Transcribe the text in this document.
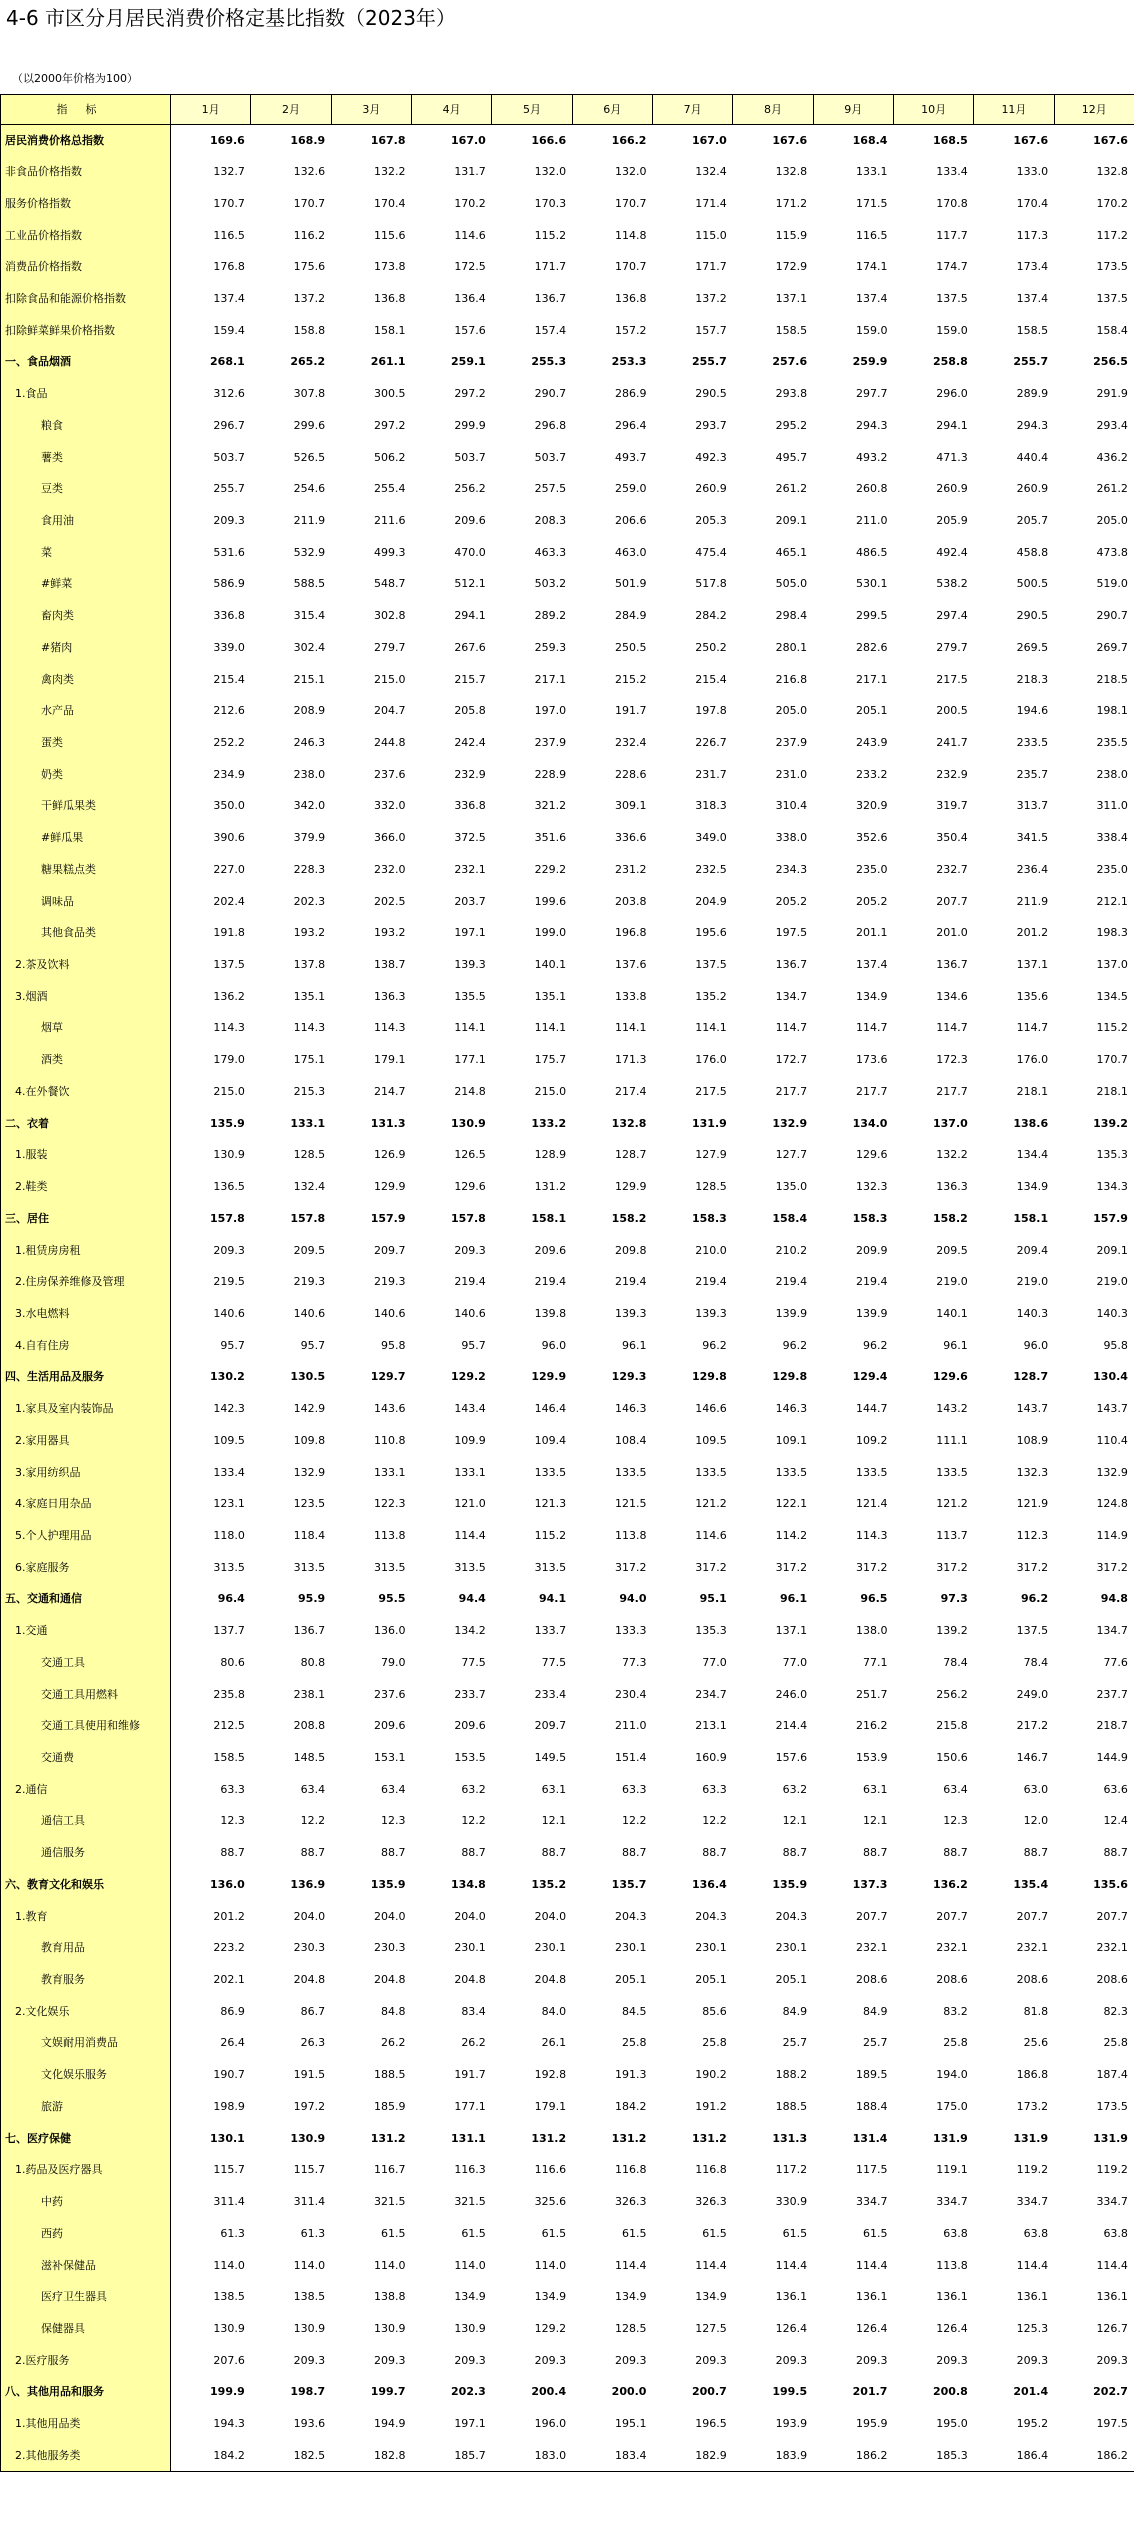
4-6 市区分月居民消费价格定基比指数（2023年）
（以2000年价格为100）
指标	1月	2月	3月	4月	5月	6月	7月	8月	9月	10月	11月	12月
居民消费价格总指数	169.6	168.9	167.8	167.0	166.6	166.2	167.0	167.6	168.4	168.5	167.6	167.6
非食品价格指数	132.7	132.6	132.2	131.7	132.0	132.0	132.4	132.8	133.1	133.4	133.0	132.8
服务价格指数	170.7	170.7	170.4	170.2	170.3	170.7	171.4	171.2	171.5	170.8	170.4	170.2
工业品价格指数	116.5	116.2	115.6	114.6	115.2	114.8	115.0	115.9	116.5	117.7	117.3	117.2
消费品价格指数	176.8	175.6	173.8	172.5	171.7	170.7	171.7	172.9	174.1	174.7	173.4	173.5
扣除食品和能源价格指数	137.4	137.2	136.8	136.4	136.7	136.8	137.2	137.1	137.4	137.5	137.4	137.5
扣除鲜菜鲜果价格指数	159.4	158.8	158.1	157.6	157.4	157.2	157.7	158.5	159.0	159.0	158.5	158.4
一、食品烟酒	268.1	265.2	261.1	259.1	255.3	253.3	255.7	257.6	259.9	258.8	255.7	256.5
1.食品	312.6	307.8	300.5	297.2	290.7	286.9	290.5	293.8	297.7	296.0	289.9	291.9
粮食	296.7	299.6	297.2	299.9	296.8	296.4	293.7	295.2	294.3	294.1	294.3	293.4
薯类	503.7	526.5	506.2	503.7	503.7	493.7	492.3	495.7	493.2	471.3	440.4	436.2
豆类	255.7	254.6	255.4	256.2	257.5	259.0	260.9	261.2	260.8	260.9	260.9	261.2
食用油	209.3	211.9	211.6	209.6	208.3	206.6	205.3	209.1	211.0	205.9	205.7	205.0
菜	531.6	532.9	499.3	470.0	463.3	463.0	475.4	465.1	486.5	492.4	458.8	473.8
#鲜菜	586.9	588.5	548.7	512.1	503.2	501.9	517.8	505.0	530.1	538.2	500.5	519.0
畜肉类	336.8	315.4	302.8	294.1	289.2	284.9	284.2	298.4	299.5	297.4	290.5	290.7
#猪肉	339.0	302.4	279.7	267.6	259.3	250.5	250.2	280.1	282.6	279.7	269.5	269.7
禽肉类	215.4	215.1	215.0	215.7	217.1	215.2	215.4	216.8	217.1	217.5	218.3	218.5
水产品	212.6	208.9	204.7	205.8	197.0	191.7	197.8	205.0	205.1	200.5	194.6	198.1
蛋类	252.2	246.3	244.8	242.4	237.9	232.4	226.7	237.9	243.9	241.7	233.5	235.5
奶类	234.9	238.0	237.6	232.9	228.9	228.6	231.7	231.0	233.2	232.9	235.7	238.0
干鲜瓜果类	350.0	342.0	332.0	336.8	321.2	309.1	318.3	310.4	320.9	319.7	313.7	311.0
#鲜瓜果	390.6	379.9	366.0	372.5	351.6	336.6	349.0	338.0	352.6	350.4	341.5	338.4
糖果糕点类	227.0	228.3	232.0	232.1	229.2	231.2	232.5	234.3	235.0	232.7	236.4	235.0
调味品	202.4	202.3	202.5	203.7	199.6	203.8	204.9	205.2	205.2	207.7	211.9	212.1
其他食品类	191.8	193.2	193.2	197.1	199.0	196.8	195.6	197.5	201.1	201.0	201.2	198.3
2.茶及饮料	137.5	137.8	138.7	139.3	140.1	137.6	137.5	136.7	137.4	136.7	137.1	137.0
3.烟酒	136.2	135.1	136.3	135.5	135.1	133.8	135.2	134.7	134.9	134.6	135.6	134.5
烟草	114.3	114.3	114.3	114.1	114.1	114.1	114.1	114.7	114.7	114.7	114.7	115.2
酒类	179.0	175.1	179.1	177.1	175.7	171.3	176.0	172.7	173.6	172.3	176.0	170.7
4.在外餐饮	215.0	215.3	214.7	214.8	215.0	217.4	217.5	217.7	217.7	217.7	218.1	218.1
二、衣着	135.9	133.1	131.3	130.9	133.2	132.8	131.9	132.9	134.0	137.0	138.6	139.2
1.服装	130.9	128.5	126.9	126.5	128.9	128.7	127.9	127.7	129.6	132.2	134.4	135.3
2.鞋类	136.5	132.4	129.9	129.6	131.2	129.9	128.5	135.0	132.3	136.3	134.9	134.3
三、居住	157.8	157.8	157.9	157.8	158.1	158.2	158.3	158.4	158.3	158.2	158.1	157.9
1.租赁房房租	209.3	209.5	209.7	209.3	209.6	209.8	210.0	210.2	209.9	209.5	209.4	209.1
2.住房保养维修及管理	219.5	219.3	219.3	219.4	219.4	219.4	219.4	219.4	219.4	219.0	219.0	219.0
3.水电燃料	140.6	140.6	140.6	140.6	139.8	139.3	139.3	139.9	139.9	140.1	140.3	140.3
4.自有住房	95.7	95.7	95.8	95.7	96.0	96.1	96.2	96.2	96.2	96.1	96.0	95.8
四、生活用品及服务	130.2	130.5	129.7	129.2	129.9	129.3	129.8	129.8	129.4	129.6	128.7	130.4
1.家具及室内装饰品	142.3	142.9	143.6	143.4	146.4	146.3	146.6	146.3	144.7	143.2	143.7	143.7
2.家用器具	109.5	109.8	110.8	109.9	109.4	108.4	109.5	109.1	109.2	111.1	108.9	110.4
3.家用纺织品	133.4	132.9	133.1	133.1	133.5	133.5	133.5	133.5	133.5	133.5	132.3	132.9
4.家庭日用杂品	123.1	123.5	122.3	121.0	121.3	121.5	121.2	122.1	121.4	121.2	121.9	124.8
5.个人护理用品	118.0	118.4	113.8	114.4	115.2	113.8	114.6	114.2	114.3	113.7	112.3	114.9
6.家庭服务	313.5	313.5	313.5	313.5	313.5	317.2	317.2	317.2	317.2	317.2	317.2	317.2
五、交通和通信	96.4	95.9	95.5	94.4	94.1	94.0	95.1	96.1	96.5	97.3	96.2	94.8
1.交通	137.7	136.7	136.0	134.2	133.7	133.3	135.3	137.1	138.0	139.2	137.5	134.7
交通工具	80.6	80.8	79.0	77.5	77.5	77.3	77.0	77.0	77.1	78.4	78.4	77.6
交通工具用燃料	235.8	238.1	237.6	233.7	233.4	230.4	234.7	246.0	251.7	256.2	249.0	237.7
交通工具使用和维修	212.5	208.8	209.6	209.6	209.7	211.0	213.1	214.4	216.2	215.8	217.2	218.7
交通费	158.5	148.5	153.1	153.5	149.5	151.4	160.9	157.6	153.9	150.6	146.7	144.9
2.通信	63.3	63.4	63.4	63.2	63.1	63.3	63.3	63.2	63.1	63.4	63.0	63.6
通信工具	12.3	12.2	12.3	12.2	12.1	12.2	12.2	12.1	12.1	12.3	12.0	12.4
通信服务	88.7	88.7	88.7	88.7	88.7	88.7	88.7	88.7	88.7	88.7	88.7	88.7
六、教育文化和娱乐	136.0	136.9	135.9	134.8	135.2	135.7	136.4	135.9	137.3	136.2	135.4	135.6
1.教育	201.2	204.0	204.0	204.0	204.0	204.3	204.3	204.3	207.7	207.7	207.7	207.7
教育用品	223.2	230.3	230.3	230.1	230.1	230.1	230.1	230.1	232.1	232.1	232.1	232.1
教育服务	202.1	204.8	204.8	204.8	204.8	205.1	205.1	205.1	208.6	208.6	208.6	208.6
2.文化娱乐	86.9	86.7	84.8	83.4	84.0	84.5	85.6	84.9	84.9	83.2	81.8	82.3
文娱耐用消费品	26.4	26.3	26.2	26.2	26.1	25.8	25.8	25.7	25.7	25.8	25.6	25.8
文化娱乐服务	190.7	191.5	188.5	191.7	192.8	191.3	190.2	188.2	189.5	194.0	186.8	187.4
旅游	198.9	197.2	185.9	177.1	179.1	184.2	191.2	188.5	188.4	175.0	173.2	173.5
七、医疗保健	130.1	130.9	131.2	131.1	131.2	131.2	131.2	131.3	131.4	131.9	131.9	131.9
1.药品及医疗器具	115.7	115.7	116.7	116.3	116.6	116.8	116.8	117.2	117.5	119.1	119.2	119.2
中药	311.4	311.4	321.5	321.5	325.6	326.3	326.3	330.9	334.7	334.7	334.7	334.7
西药	61.3	61.3	61.5	61.5	61.5	61.5	61.5	61.5	61.5	63.8	63.8	63.8
滋补保健品	114.0	114.0	114.0	114.0	114.0	114.4	114.4	114.4	114.4	113.8	114.4	114.4
医疗卫生器具	138.5	138.5	138.8	134.9	134.9	134.9	134.9	136.1	136.1	136.1	136.1	136.1
保健器具	130.9	130.9	130.9	130.9	129.2	128.5	127.5	126.4	126.4	126.4	125.3	126.7
2.医疗服务	207.6	209.3	209.3	209.3	209.3	209.3	209.3	209.3	209.3	209.3	209.3	209.3
八、其他用品和服务	199.9	198.7	199.7	202.3	200.4	200.0	200.7	199.5	201.7	200.8	201.4	202.7
1.其他用品类	194.3	193.6	194.9	197.1	196.0	195.1	196.5	193.9	195.9	195.0	195.2	197.5
2.其他服务类	184.2	182.5	182.8	185.7	183.0	183.4	182.9	183.9	186.2	185.3	186.4	186.2
